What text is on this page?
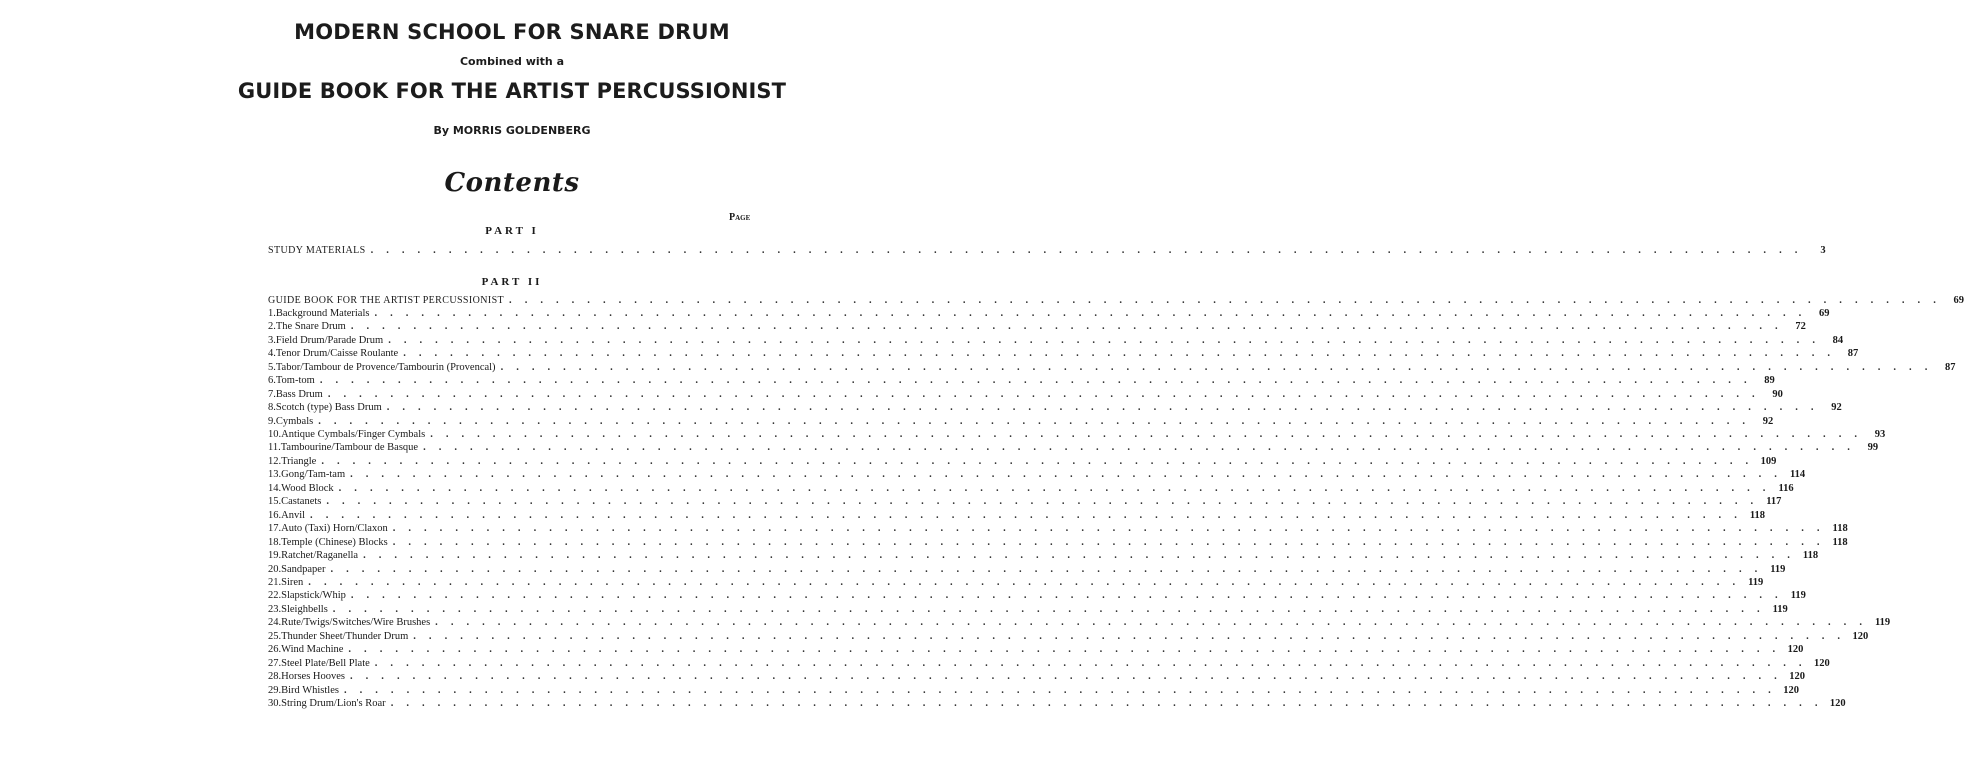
MODERN SCHOOL FOR SNARE DRUM
Combined with a
GUIDE BOOK FOR THE ARTIST PERCUSSIONIST
By MORRIS GOLDENBERG
Contents
Page
PART I
STUDY MATERIALS . . . . . . . . . . . . . . . . . . . . . . . . . . . . . . . . . . . . . . . . . . . . . . . . . . . . . . . . . . . . . . . . . . . . . . . . . . . . . . . . . . . . . . . . . . . .	3
PART II
GUIDE BOOK FOR THE ARTIST PERCUSSIONIST . . . . . . . . . . . . . . . . . . . . . . . . . . . . . . . . . . . . . . . . . . . . . . . . . . . . . . . . . . . . . . . . . . . . . . . . . . . . . . . . . . . . . . . . . . . .	69
1. Background Materials . . . . . . . . . . . . . . . . . . . . . . . . . . . . . . . . . . . . . . . . . . . . . . . . . . . . . . . . . . . . . . . . . . . . . . . . . . . . . . . . . . . . . . . . . . . .	69
2. The Snare Drum . . . . . . . . . . . . . . . . . . . . . . . . . . . . . . . . . . . . . . . . . . . . . . . . . . . . . . . . . . . . . . . . . . . . . . . . . . . . . . . . . . . . . . . . . . . .	72
3. Field Drum/Parade Drum . . . . . . . . . . . . . . . . . . . . . . . . . . . . . . . . . . . . . . . . . . . . . . . . . . . . . . . . . . . . . . . . . . . . . . . . . . . . . . . . . . . . . . . . . . . .	84
4. Tenor Drum/Caisse Roulante . . . . . . . . . . . . . . . . . . . . . . . . . . . . . . . . . . . . . . . . . . . . . . . . . . . . . . . . . . . . . . . . . . . . . . . . . . . . . . . . . . . . . . . . . . . .	87
5. Tabor/Tambour de Provence/Tambourin (Provencal) . . . . . . . . . . . . . . . . . . . . . . . . . . . . . . . . . . . . . . . . . . . . . . . . . . . . . . . . . . . . . . . . . . . . . . . . . . . . . . . . . . . . . . . . . . . .	87
6. Tom-tom . . . . . . . . . . . . . . . . . . . . . . . . . . . . . . . . . . . . . . . . . . . . . . . . . . . . . . . . . . . . . . . . . . . . . . . . . . . . . . . . . . . . . . . . . . . .	89
7. Bass Drum . . . . . . . . . . . . . . . . . . . . . . . . . . . . . . . . . . . . . . . . . . . . . . . . . . . . . . . . . . . . . . . . . . . . . . . . . . . . . . . . . . . . . . . . . . . .	90
8. Scotch (type) Bass Drum . . . . . . . . . . . . . . . . . . . . . . . . . . . . . . . . . . . . . . . . . . . . . . . . . . . . . . . . . . . . . . . . . . . . . . . . . . . . . . . . . . . . . . . . . . . .	92
9. Cymbals . . . . . . . . . . . . . . . . . . . . . . . . . . . . . . . . . . . . . . . . . . . . . . . . . . . . . . . . . . . . . . . . . . . . . . . . . . . . . . . . . . . . . . . . . . . .	92
10. Antique Cymbals/Finger Cymbals . . . . . . . . . . . . . . . . . . . . . . . . . . . . . . . . . . . . . . . . . . . . . . . . . . . . . . . . . . . . . . . . . . . . . . . . . . . . . . . . . . . . . . . . . . . .	93
11. Tambourine/Tambour de Basque . . . . . . . . . . . . . . . . . . . . . . . . . . . . . . . . . . . . . . . . . . . . . . . . . . . . . . . . . . . . . . . . . . . . . . . . . . . . . . . . . . . . . . . . . . . .	99
12. Triangle . . . . . . . . . . . . . . . . . . . . . . . . . . . . . . . . . . . . . . . . . . . . . . . . . . . . . . . . . . . . . . . . . . . . . . . . . . . . . . . . . . . . . . . . . . . . 109
13. Gong/Tam-tam . . . . . . . . . . . . . . . . . . . . . . . . . . . . . . . . . . . . . . . . . . . . . . . . . . . . . . . . . . . . . . . . . . . . . . . . . . . . . . . . . . . . . . . . . . . . 114
14. Wood Block . . . . . . . . . . . . . . . . . . . . . . . . . . . . . . . . . . . . . . . . . . . . . . . . . . . . . . . . . . . . . . . . . . . . . . . . . . . . . . . . . . . . . . . . . . . . 116
15. Castanets . . . . . . . . . . . . . . . . . . . . . . . . . . . . . . . . . . . . . . . . . . . . . . . . . . . . . . . . . . . . . . . . . . . . . . . . . . . . . . . . . . . . . . . . . . . . 117
16. Anvil . . . . . . . . . . . . . . . . . . . . . . . . . . . . . . . . . . . . . . . . . . . . . . . . . . . . . . . . . . . . . . . . . . . . . . . . . . . . . . . . . . . . . . . . . . . . 118
17. Auto (Taxi) Horn/Claxon . . . . . . . . . . . . . . . . . . . . . . . . . . . . . . . . . . . . . . . . . . . . . . . . . . . . . . . . . . . . . . . . . . . . . . . . . . . . . . . . . . . . . . . . . . . . 118
18. Temple (Chinese) Blocks . . . . . . . . . . . . . . . . . . . . . . . . . . . . . . . . . . . . . . . . . . . . . . . . . . . . . . . . . . . . . . . . . . . . . . . . . . . . . . . . . . . . . . . . . . . . 118
19. Ratchet/Raganella . . . . . . . . . . . . . . . . . . . . . . . . . . . . . . . . . . . . . . . . . . . . . . . . . . . . . . . . . . . . . . . . . . . . . . . . . . . . . . . . . . . . . . . . . . . . 118
20. Sandpaper . . . . . . . . . . . . . . . . . . . . . . . . . . . . . . . . . . . . . . . . . . . . . . . . . . . . . . . . . . . . . . . . . . . . . . . . . . . . . . . . . . . . . . . . . . . . 119
21. Siren . . . . . . . . . . . . . . . . . . . . . . . . . . . . . . . . . . . . . . . . . . . . . . . . . . . . . . . . . . . . . . . . . . . . . . . . . . . . . . . . . . . . . . . . . . . . 119
22. Slapstick/Whip . . . . . . . . . . . . . . . . . . . . . . . . . . . . . . . . . . . . . . . . . . . . . . . . . . . . . . . . . . . . . . . . . . . . . . . . . . . . . . . . . . . . . . . . . . . . 119
23. Sleighbells . . . . . . . . . . . . . . . . . . . . . . . . . . . . . . . . . . . . . . . . . . . . . . . . . . . . . . . . . . . . . . . . . . . . . . . . . . . . . . . . . . . . . . . . . . . . 119
24. Rute/Twigs/Switches/Wire Brushes . . . . . . . . . . . . . . . . . . . . . . . . . . . . . . . . . . . . . . . . . . . . . . . . . . . . . . . . . . . . . . . . . . . . . . . . . . . . . . . . . . . . . . . . . . . . 119
25. Thunder Sheet/Thunder Drum . . . . . . . . . . . . . . . . . . . . . . . . . . . . . . . . . . . . . . . . . . . . . . . . . . . . . . . . . . . . . . . . . . . . . . . . . . . . . . . . . . . . . . . . . . . . 120
26. Wind Machine . . . . . . . . . . . . . . . . . . . . . . . . . . . . . . . . . . . . . . . . . . . . . . . . . . . . . . . . . . . . . . . . . . . . . . . . . . . . . . . . . . . . . . . . . . . . 120
27. Steel Plate/Bell Plate . . . . . . . . . . . . . . . . . . . . . . . . . . . . . . . . . . . . . . . . . . . . . . . . . . . . . . . . . . . . . . . . . . . . . . . . . . . . . . . . . . . . . . . . . . . . 120
28. Horses Hooves . . . . . . . . . . . . . . . . . . . . . . . . . . . . . . . . . . . . . . . . . . . . . . . . . . . . . . . . . . . . . . . . . . . . . . . . . . . . . . . . . . . . . . . . . . . . 120
29. Bird Whistles . . . . . . . . . . . . . . . . . . . . . . . . . . . . . . . . . . . . . . . . . . . . . . . . . . . . . . . . . . . . . . . . . . . . . . . . . . . . . . . . . . . . . . . . . . . . 120
30. String Drum/Lion's Roar . . . . . . . . . . . . . . . . . . . . . . . . . . . . . . . . . . . . . . . . . . . . . . . . . . . . . . . . . . . . . . . . . . . . . . . . . . . . . . . . . . . . . . . . . . . . 120
